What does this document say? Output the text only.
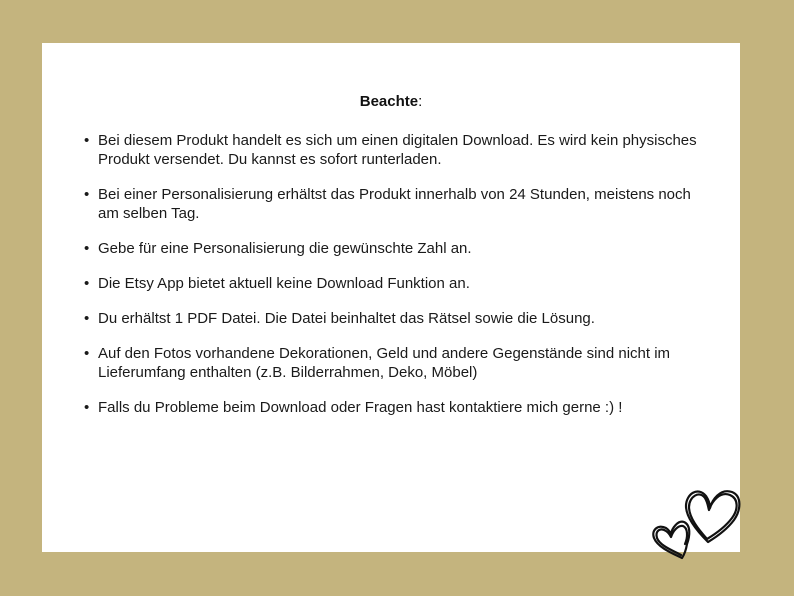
Beachte:

• Bei diesem Produkt handelt es sich um einen digitalen Download. Es wird kein physisches Produkt versendet. Du kannst es sofort runterladen.
• Bei einer Personalisierung erhältst das Produkt innerhalb von 24 Stunden, meistens noch am selben Tag.
• Gebe für eine Personalisierung die gewünschte Zahl an.
• Die Etsy App bietet aktuell keine Download Funktion an.
• Du erhältst 1 PDF Datei. Die Datei beinhaltet das Rätsel sowie die Lösung.
• Auf den Fotos vorhandene Dekorationen, Geld und andere Gegenstände sind nicht im Lieferumfang enthalten (z.B. Bilderrahmen, Deko, Möbel)
• Falls du Probleme beim Download oder Fragen hast kontaktiere mich gerne :) !
